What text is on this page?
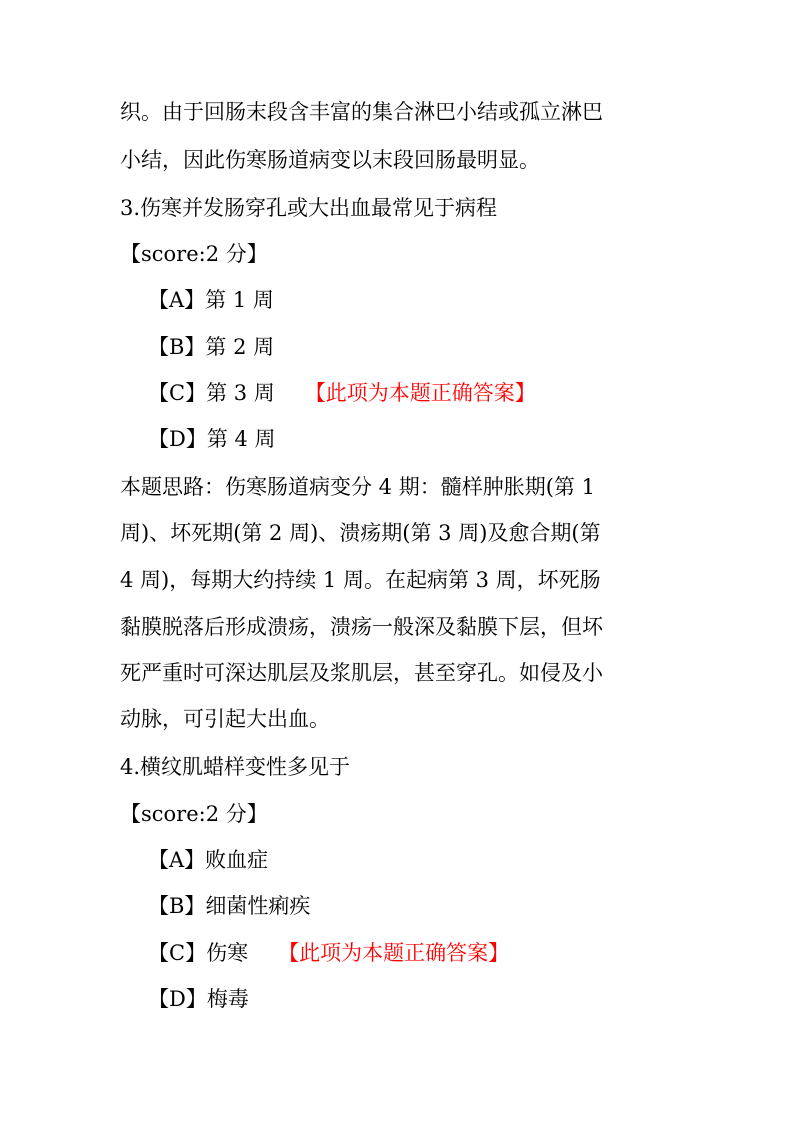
织。由于回肠末段含丰富的集合淋巴小结或孤立淋巴
小结，因此伤寒肠道病变以末段回肠最明显。
3.伤寒并发肠穿孔或大出血最常见于病程
【score:2 分】
【A】第 1 周
【B】第 2 周
【C】第 3 周 【此项为本题正确答案】
【D】第 4 周
本题思路：伤寒肠道病变分 4 期：髓样肿胀期(第 1
周)、坏死期(第 2 周)、溃疡期(第 3 周)及愈合期(第
4 周)，每期大约持续 1 周。在起病第 3 周，坏死肠
黏膜脱落后形成溃疡，溃疡一般深及黏膜下层，但坏
死严重时可深达肌层及浆肌层，甚至穿孔。如侵及小
动脉，可引起大出血。
4.横纹肌蜡样变性多见于
【score:2 分】
【A】败血症
【B】细菌性痢疾
【C】伤寒 【此项为本题正确答案】
【D】梅毒
